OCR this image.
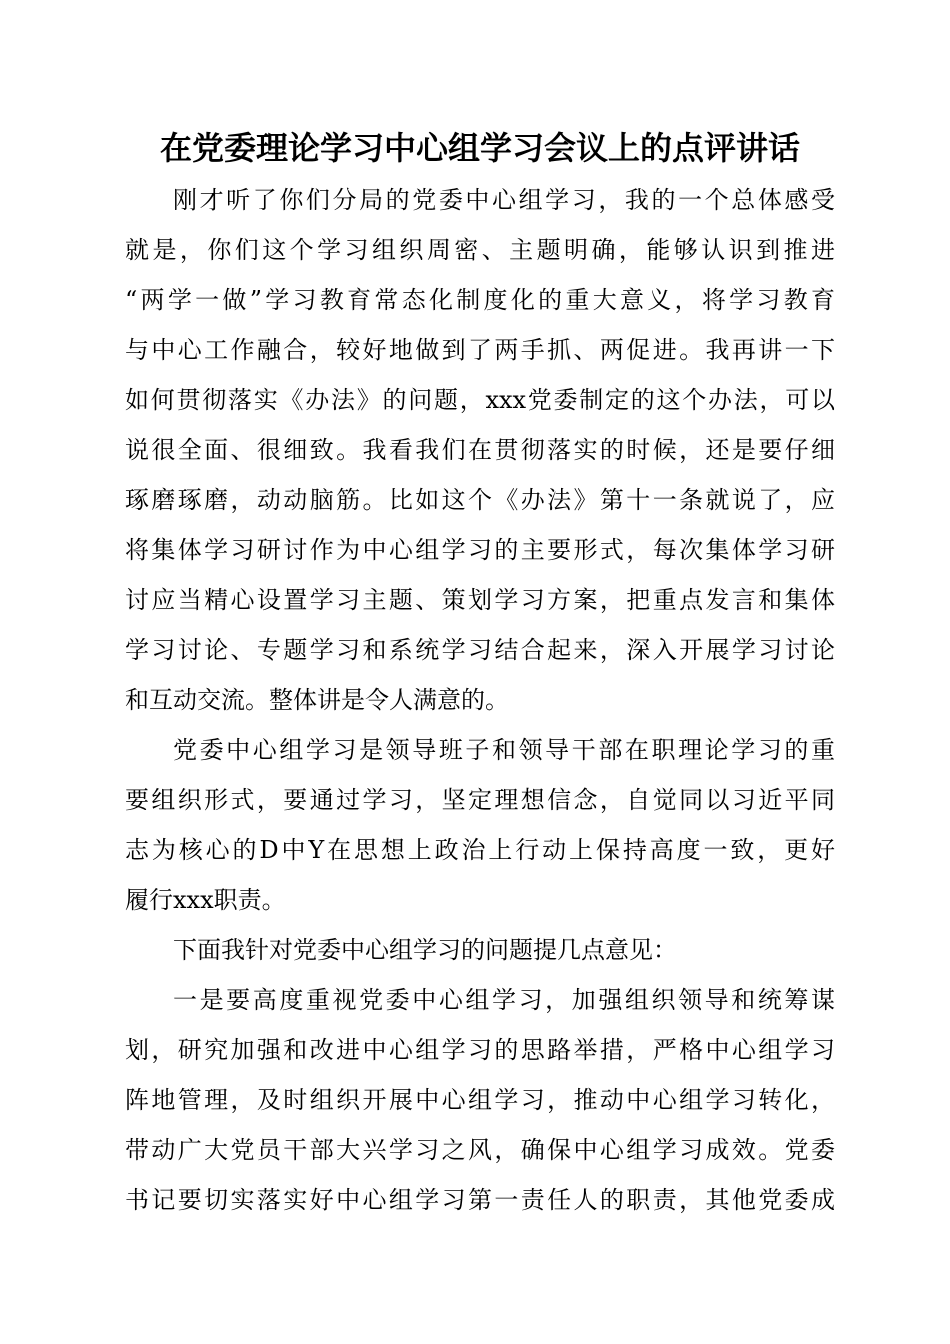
在党委理论学习中心组学习会议上的点评讲话
刚才听了你们分局的党委中心组学习，我的一个总体感受
就是，你们这个学习组织周密、主题明确，能够认识到推进
“两学一做”学习教育常态化制度化的重大意义，将学习教育
与中心工作融合，较好地做到了两手抓、两促进。我再讲一下
如何贯彻落实《办法》的问题，xxx党委制定的这个办法，可以
说很全面、很细致。我看我们在贯彻落实的时候，还是要仔细
琢磨琢磨，动动脑筋。比如这个《办法》第十一条就说了，应
将集体学习研讨作为中心组学习的主要形式，每次集体学习研
讨应当精心设置学习主题、策划学习方案，把重点发言和集体
学习讨论、专题学习和系统学习结合起来，深入开展学习讨论
和互动交流。整体讲是令人满意的。
党委中心组学习是领导班子和领导干部在职理论学习的重
要组织形式，要通过学习，坚定理想信念，自觉同以习近平同
志为核心的D中Y在思想上政治上行动上保持高度一致，更好
履行xxx职责。
下面我针对党委中心组学习的问题提几点意见：
一是要高度重视党委中心组学习，加强组织领导和统筹谋
划，研究加强和改进中心组学习的思路举措，严格中心组学习
阵地管理，及时组织开展中心组学习，推动中心组学习转化，
带动广大党员干部大兴学习之风，确保中心组学习成效。党委
书记要切实落实好中心组学习第一责任人的职责，其他党委成
